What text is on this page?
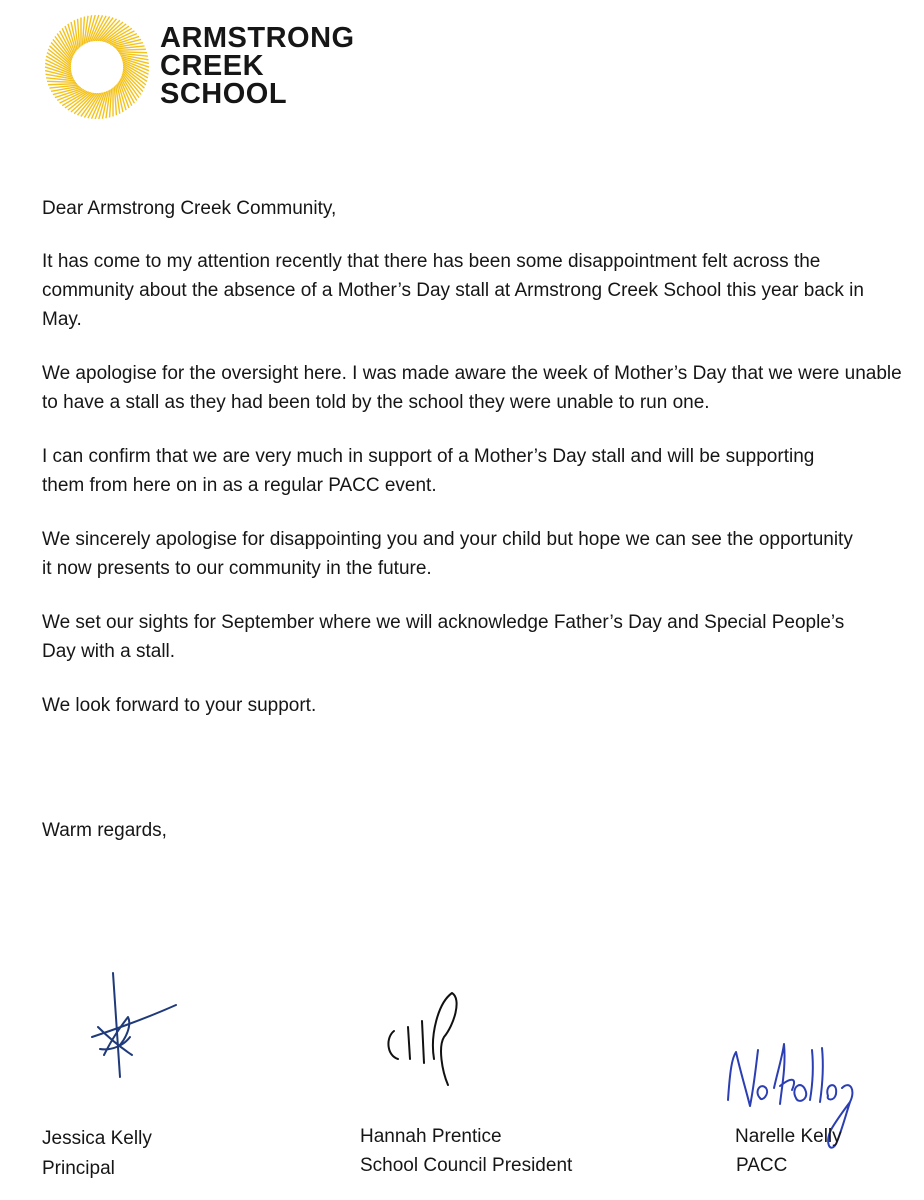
ARMSTRONG
CREEK
SCHOOL

Dear Armstrong Creek Community,

It has come to my attention recently that there has been some disappointment felt across the community about the absence of a Mother’s Day stall at Armstrong Creek School this year back in May.

We apologise for the oversight here. I was made aware the week of Mother’s Day that we were unable to have a stall as they had been told by the school they were unable to run one.

I can confirm that we are very much in support of a Mother’s Day stall and will be supporting them from here on in as a regular PACC event.

We sincerely apologise for disappointing you and your child but hope we can see the opportunity it now presents to our community in the future.

We set our sights for September where we will acknowledge Father’s Day and Special People’s Day with a stall.

We look forward to your support.

Warm regards,
Jessica Kelly
Principal
Hannah Prentice
School Council President
Narelle Kelly
PACC
